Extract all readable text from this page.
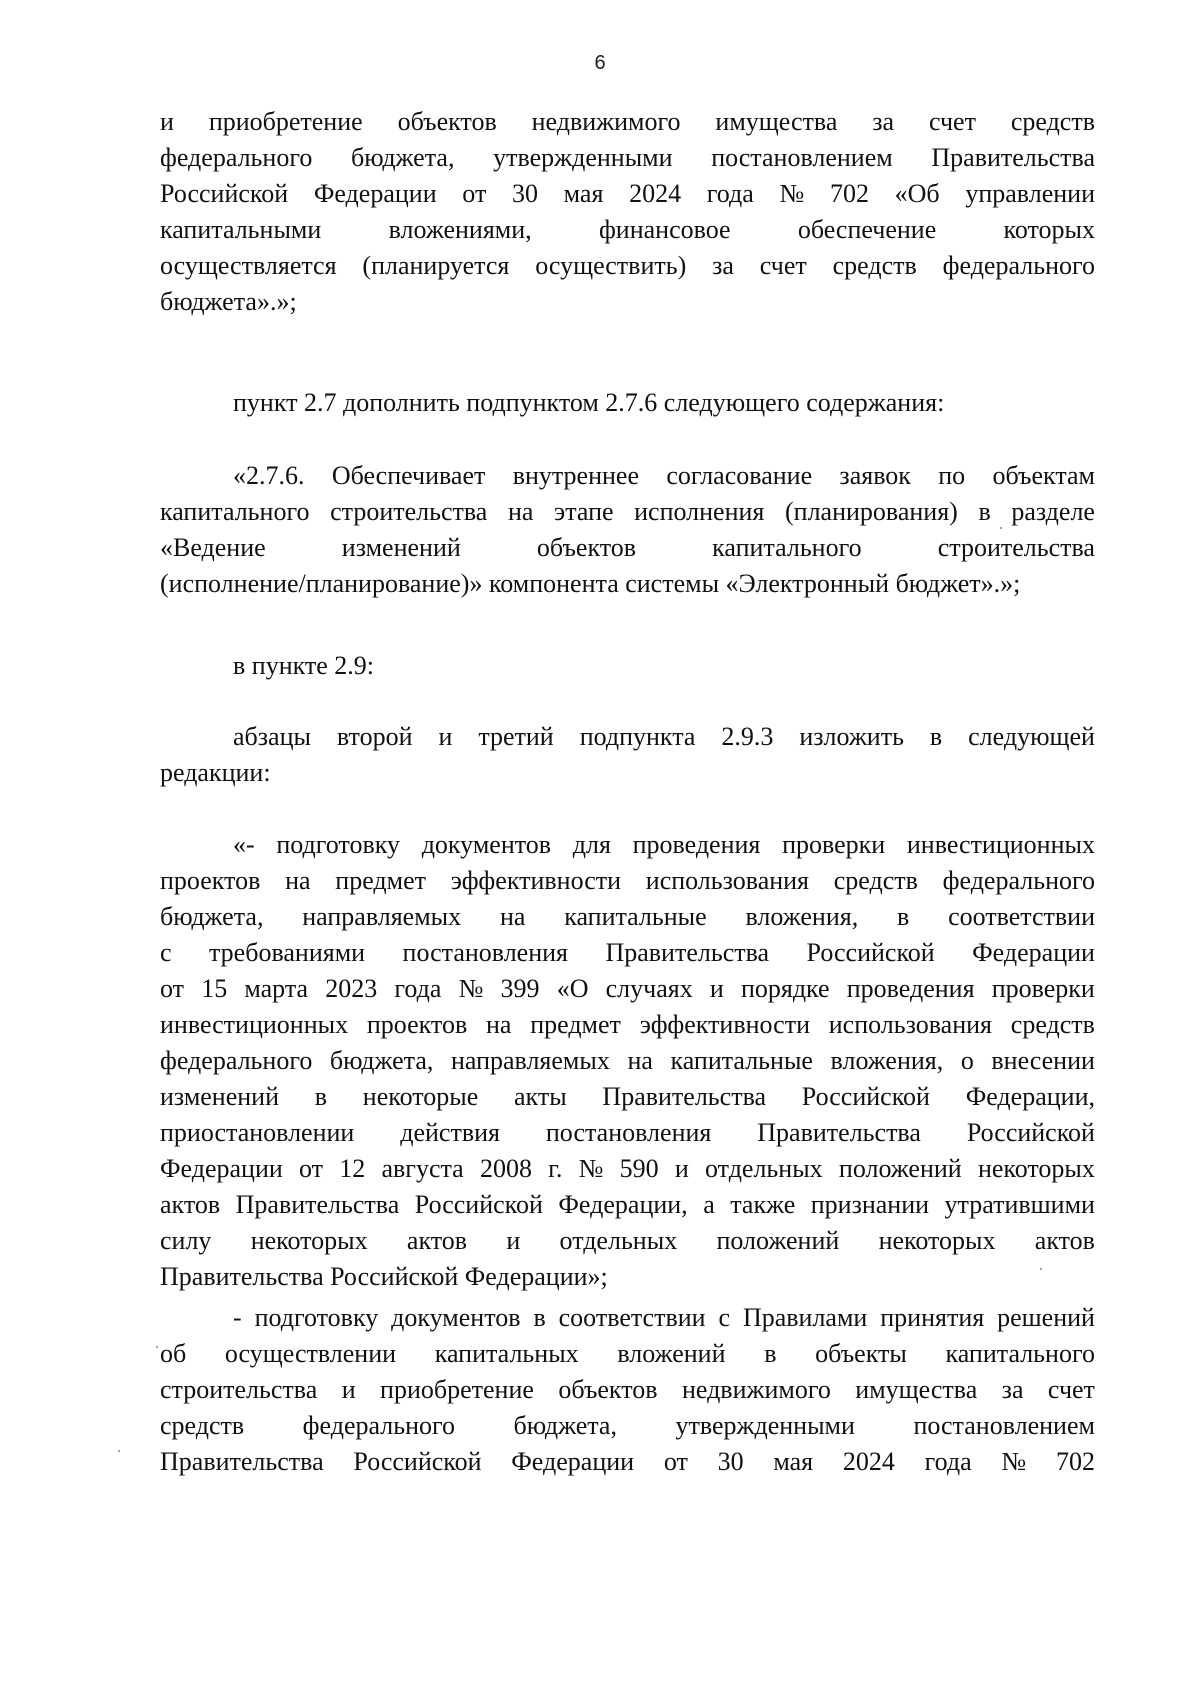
6
и приобретение объектов недвижимого имущества за счет средств
федерального бюджета, утвержденными постановлением Правительства
Российской Федерации от 30 мая 2024 года № 702 «Об управлении
капитальными	вложениями,	финансовое	обеспечение	которых
осуществляется (планируется осуществить) за счет средств федерального
бюджета».»;
пункт 2.7 дополнить подпунктом 2.7.6 следующего содержания:
«2.7.6. Обеспечивает внутреннее согласование заявок по объектам
капитального строительства на этапе исполнения (планирования) в разделе
«Ведение	изменений	объектов	капитального	строительства
(исполнение/планирование)» компонента системы «Электронный бюджет».»;
в пункте 2.9:
абзацы второй и третий подпункта 2.9.3 изложить в следующей
редакции:
«- подготовку документов для проведения проверки инвестиционных
проектов на предмет эффективности использования средств федерального
бюджета, направляемых на капитальные вложения, в соответствии
с требованиями постановления Правительства Российской Федерации
от 15 марта 2023 года № 399 «О случаях и порядке проведения проверки
инвестиционных проектов на предмет эффективности использования средств
федерального бюджета, направляемых на капитальные вложения, о внесении
изменений в некоторые акты Правительства Российской Федерации,
приостановлении действия постановления Правительства Российской
Федерации от 12 августа 2008 г. № 590 и отдельных положений некоторых
актов Правительства Российской Федерации, а также признании утратившими
силу некоторых актов и отдельных положений некоторых актов
Правительства Российской Федерации»;
- подготовку документов в соответствии с Правилами принятия решений
об осуществлении капитальных вложений в объекты капитального
строительства и приобретение объектов недвижимого имущества за счет
средств федерального бюджета, утвержденными постановлением
Правительства Российской Федерации от 30 мая 2024 года № 702
